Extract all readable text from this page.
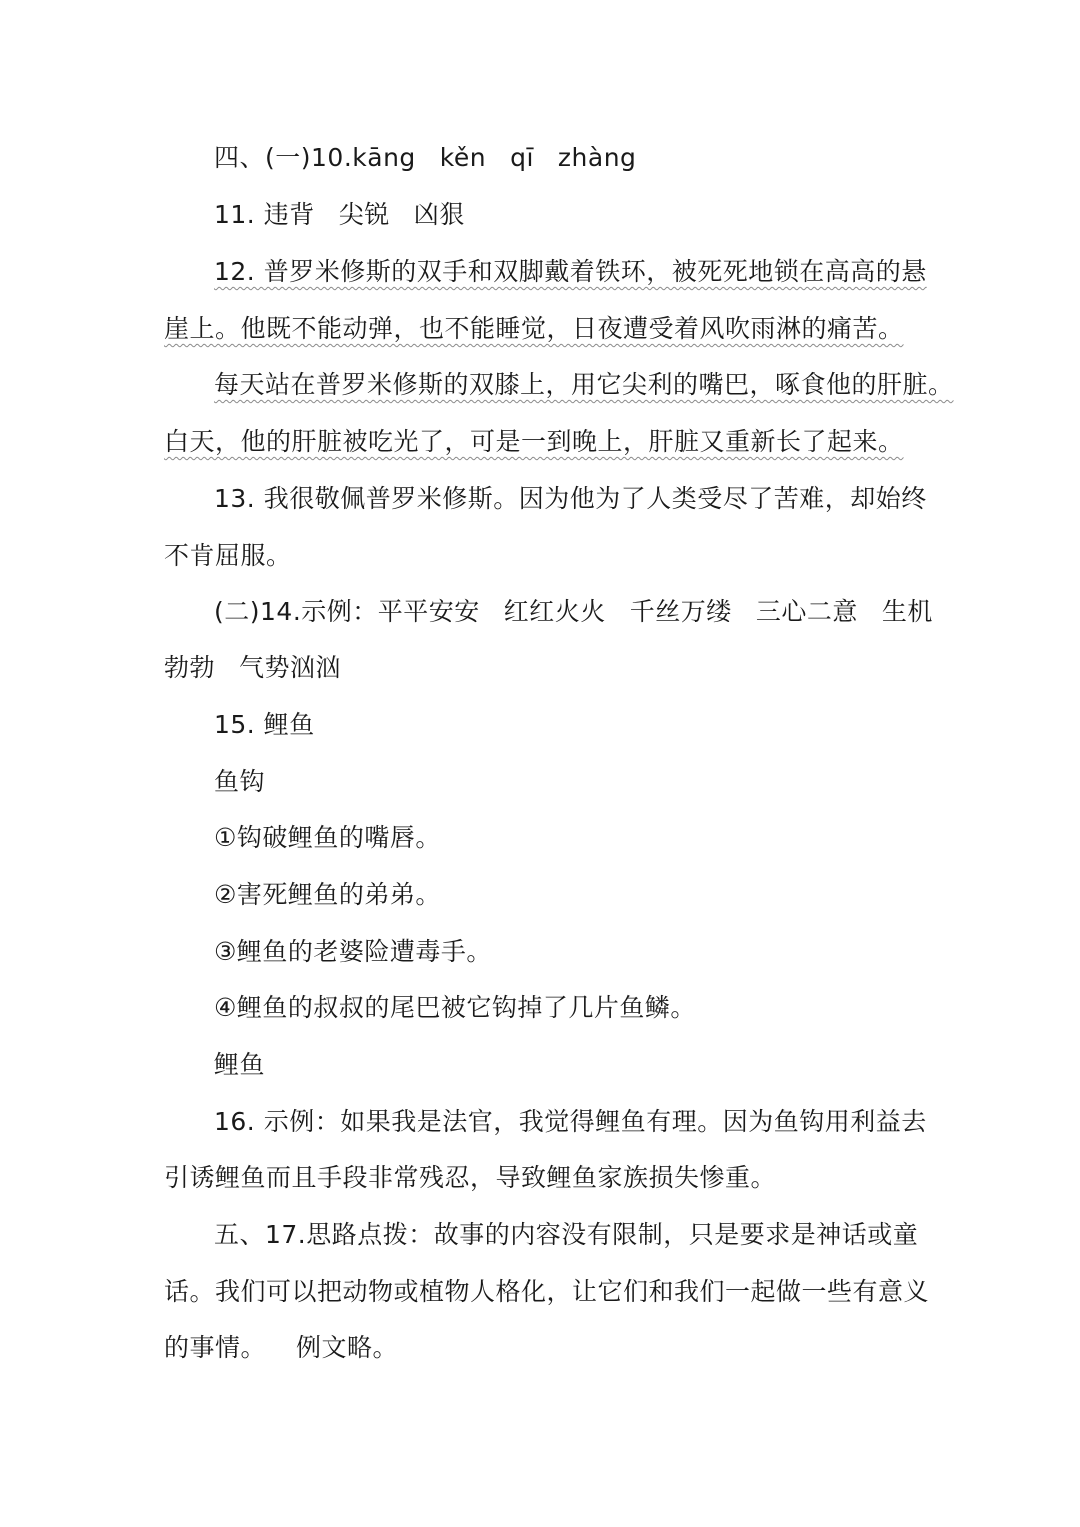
四、(一)10.kāng kěn qī zhàng
11. 违背 尖锐 凶狠
12. 普罗米修斯的双手和双脚戴着铁环，被死死地锁在高高的悬
崖上。他既不能动弹，也不能睡觉，日夜遭受着风吹雨淋的痛苦。
每天站在普罗米修斯的双膝上，用它尖利的嘴巴，啄食他的肝脏。
白天，他的肝脏被吃光了，可是一到晚上，肝脏又重新长了起来。
13. 我很敬佩普罗米修斯。因为他为了人类受尽了苦难，却始终
不肯屈服。
(二)14.示例：平平安安 红红火火 千丝万缕 三心二意 生机
勃勃 气势汹汹
15. 鲤鱼
鱼钩
①钩破鲤鱼的嘴唇。
②害死鲤鱼的弟弟。
③鲤鱼的老婆险遭毒手。
④鲤鱼的叔叔的尾巴被它钩掉了几片鱼鳞。
鲤鱼
16. 示例：如果我是法官，我觉得鲤鱼有理。因为鱼钩用利益去
引诱鲤鱼而且手段非常残忍，导致鲤鱼家族损失惨重。
五、17.思路点拨：故事的内容没有限制，只是要求是神话或童
话。我们可以把动物或植物人格化，让它们和我们一起做一些有意义
的事情。 例文略。
